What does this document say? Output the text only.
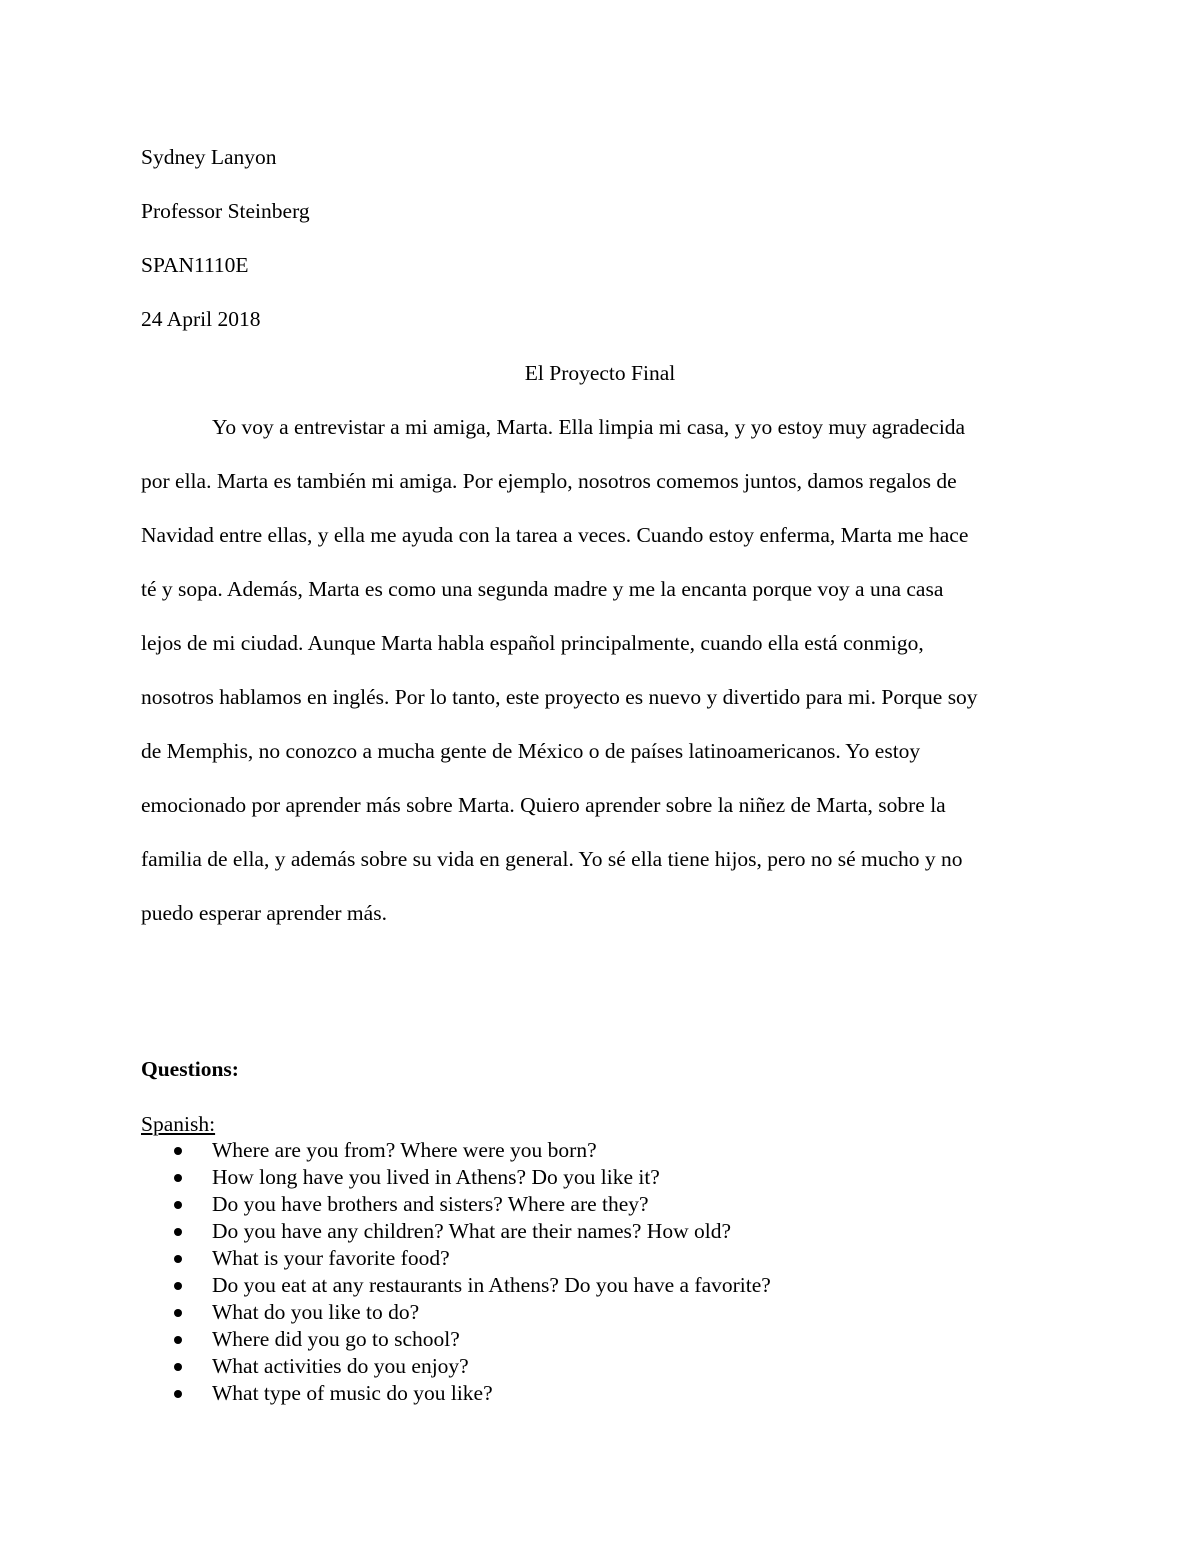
Sydney Lanyon
Professor Steinberg
SPAN1110E
24 April 2018
El Proyecto Final
Yo voy a entrevistar a mi amiga, Marta. Ella limpia mi casa, y yo estoy muy agradecida
por ella. Marta es también mi amiga. Por ejemplo, nosotros comemos juntos, damos regalos de
Navidad entre ellas, y ella me ayuda con la tarea a veces. Cuando estoy enferma, Marta me hace
té y sopa. Además, Marta es como una segunda madre y me la encanta porque voy a una casa
lejos de mi ciudad. Aunque Marta habla español principalmente, cuando ella está conmigo,
nosotros hablamos en inglés. Por lo tanto, este proyecto es nuevo y divertido para mi. Porque soy
de Memphis, no conozco a mucha gente de México o de países latinoamericanos. Yo estoy
emocionado por aprender más sobre Marta. Quiero aprender sobre la niñez de Marta, sobre la
familia de ella, y además sobre su vida en general. Yo sé ella tiene hijos, pero no sé mucho y no
puedo esperar aprender más.
Questions:
Spanish:
Where are you from? Where were you born?
How long have you lived in Athens? Do you like it?
Do you have brothers and sisters? Where are they?
Do you have any children? What are their names? How old?
What is your favorite food?
Do you eat at any restaurants in Athens? Do you have a favorite?
What do you like to do?
Where did you go to school?
What activities do you enjoy?
What type of music do you like?
